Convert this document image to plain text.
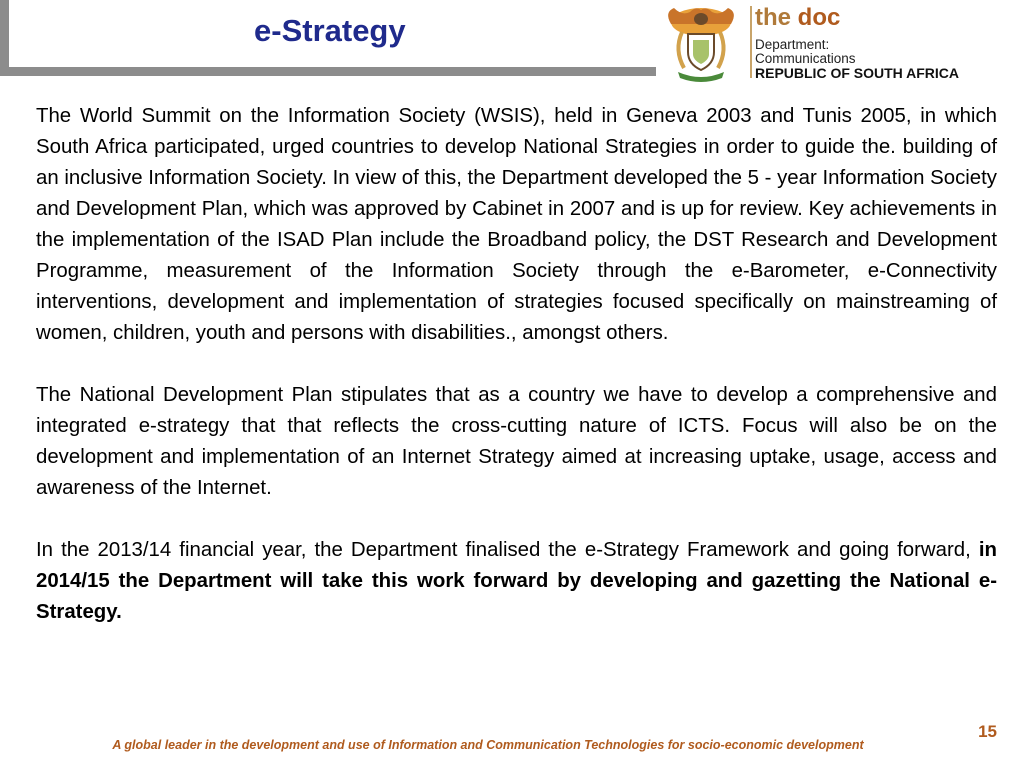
e-Strategy	the doc
Department:
Communications
REPUBLIC OF SOUTH AFRICA

The World Summit on the Information Society (WSIS), held in Geneva 2003 and Tunis 2005, in which South Africa participated, urged countries to develop National Strategies in order to guide the. building of an inclusive Information Society. In view of this, the Department developed the 5 - year Information Society and Development Plan, which was approved by Cabinet in 2007 and is up for review. Key achievements in the implementation of the ISAD Plan include the Broadband policy, the DST Research and Development Programme, measurement of the Information Society through the e-Barometer, e-Connectivity interventions, development and implementation of strategies focused specifically on mainstreaming of women, children, youth and persons with disabilities., amongst others.

The National Development Plan stipulates that as a country we have to develop a comprehensive and integrated e-strategy that that reflects the cross-cutting nature of ICTS. Focus will also be on the development and implementation of an Internet Strategy aimed at increasing uptake, usage, access and awareness of the Internet.

In the 2013/14 financial year, the Department finalised the e-Strategy Framework and going forward, in 2014/15 the Department will take this work forward by developing and gazetting the National e-Strategy.

15
A global leader in the development and use of Information and Communication Technologies for socio-economic development
